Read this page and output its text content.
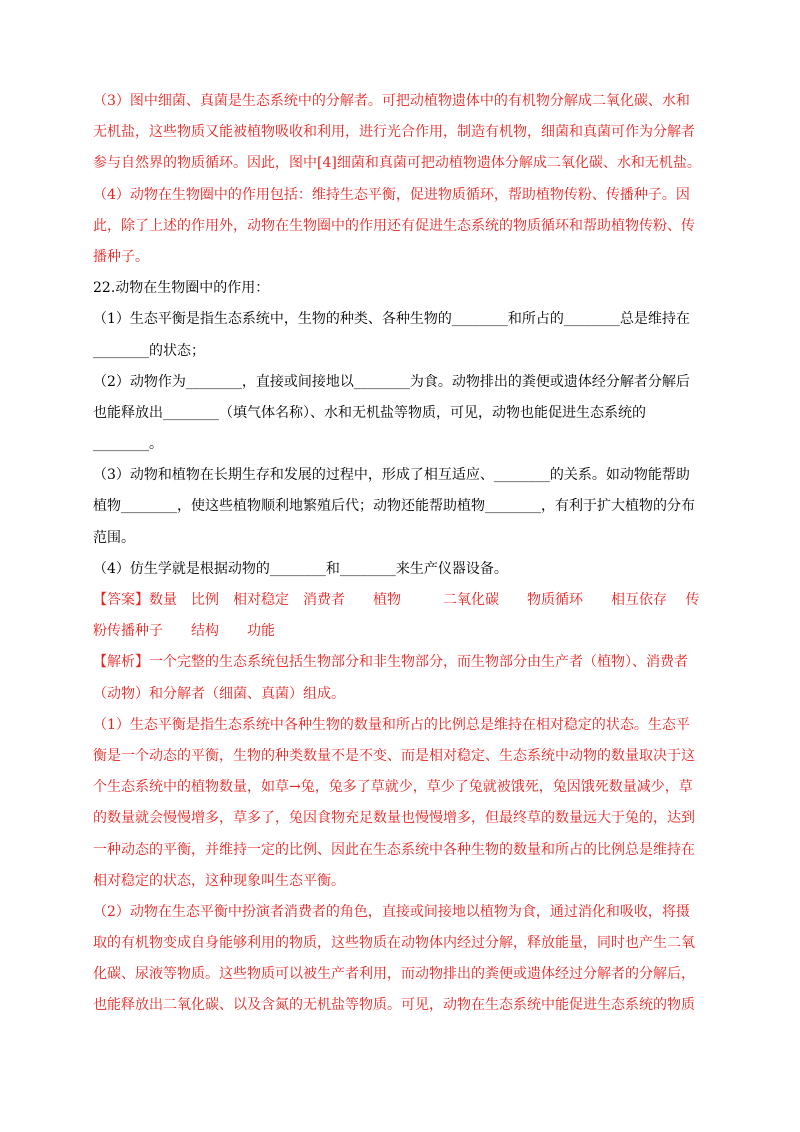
（3）图中细菌、真菌是生态系统中的分解者。可把动植物遗体中的有机物分解成二氧化碳、水和
无机盐，这些物质又能被植物吸收和利用，进行光合作用，制造有机物，细菌和真菌可作为分解者
参与自然界的物质循环。因此，图中[4]细菌和真菌可把动植物遗体分解成二氧化碳、水和无机盐。
（4）动物在生物圈中的作用包括：维持生态平衡，促进物质循环，帮助植物传粉、传播种子。因
此，除了上述的作用外，动物在生物圈中的作用还有促进生态系统的物质循环和帮助植物传粉、传
播种子。
22.动物在生物圈中的作用：
（1）生态平衡是指生态系统中，生物的种类、各种生物的________和所占的________总是维持在
________的状态；
（2）动物作为________，直接或间接地以________为食。动物排出的粪便或遗体经分解者分解后
也能释放出________（填气体名称）、水和无机盐等物质，可见，动物也能促进生态系统的
________。
（3）动物和植物在长期生存和发展的过程中，形成了相互适应、________的关系。如动物能帮助
植物________，使这些植物顺利地繁殖后代；动物还能帮助植物________，有利于扩大植物的分布
范围。
（4）仿生学就是根据动物的________和________来生产仪器设备。
【答案】数量　比例　相对稳定　消费者　　植物　　　二氧化碳　　物质循环　　相互依存　 传
粉传播种子　　结构　　功能
【解析】一个完整的生态系统包括生物部分和非生物部分，而生物部分由生产者（植物）、消费者
（动物）和分解者（细菌、真菌）组成。
（1）生态平衡是指生态系统中各种生物的数量和所占的比例总是维持在相对稳定的状态。生态平
衡是一个动态的平衡，生物的种类数量不是不变、而是相对稳定、生态系统中动物的数量取决于这
个生态系统中的植物数量，如草→兔，兔多了草就少，草少了兔就被饿死，兔因饿死数量减少，草
的数量就会慢慢增多，草多了，兔因食物充足数量也慢慢增多，但最终草的数量远大于兔的，达到
一种动态的平衡，并维持一定的比例、因此在生态系统中各种生物的数量和所占的比例总是维持在
相对稳定的状态，这种现象叫生态平衡。
（2）动物在生态平衡中扮演者消费者的角色，直接或间接地以植物为食，通过消化和吸收，将摄
取的有机物变成自身能够利用的物质，这些物质在动物体内经过分解，释放能量，同时也产生二氧
化碳、尿液等物质。这些物质可以被生产者利用，而动物排出的粪便或遗体经过分解者的分解后，
也能释放出二氧化碳、以及含氮的无机盐等物质。可见，动物在生态系统中能促进生态系统的物质
